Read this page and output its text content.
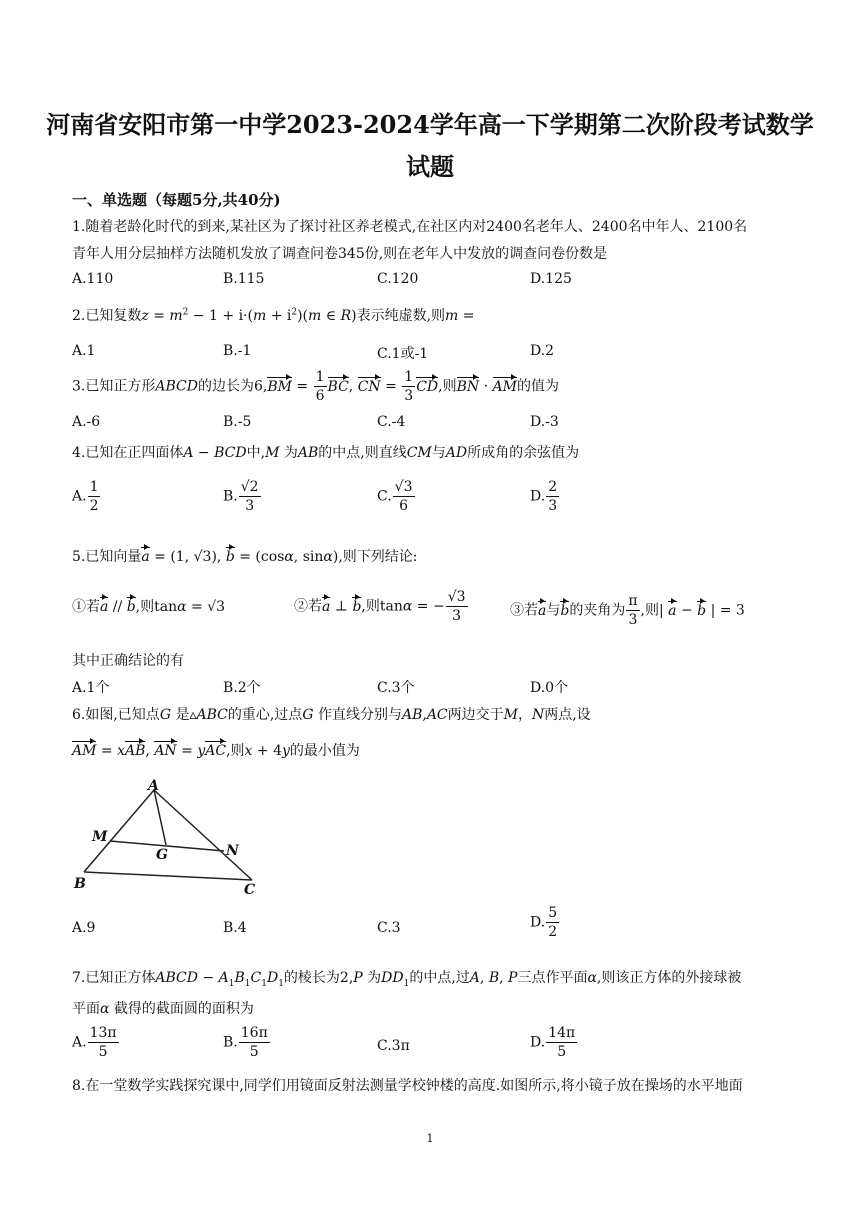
河南省安阳市第一中学2023-2024学年高一下学期第二次阶段考试数学
试题
一、单选题（每题5分,共40分)
1.随着老龄化时代的到来,某社区为了探讨社区养老模式,在社区内对2400名老年人、2400名中年人、2100名
青年人用分层抽样方法随机发放了调查问卷345份,则在老年人中发放的调查问卷份数是
A.110	B.115	C.120	D.125
2.已知复数$z = m^2 - 1 + i\cdot(m + i^2)(m$ ∈ R)表示纯虚数,则m =
A.1	B.-1	C.1或-1	D.2
3.已知正方形ABCD的边长为$6,BM = \frac{1}{6}$ BC, CN = $\frac{1}{3}$ CD,则BN · AM的值为
A.-6	B.-5	C.-4	D.-3
4.已知在正四面体A − BCD中,M 为AB的中点,则直线CM与AD所成角的余弦值为
A. $\frac{1}{2}$	B. $\frac{√2}{3}$	C. $\frac{√3}{6}$	D. $\frac{2}{3}$
5.已知向量a = (1, √3), b = (cosα, sinα),则下列结论:
①若a // b,则tanα = √3	②若a ⊥ b,则tanα = − $\frac{√3}{3}$	③若a与b的夹角为 $\frac{\pi}{3}$ ,则| a − b | = 3
其中正确结论的有
A.1个	B.2个	C.3个	D.0个
6.如图,已知点G 是▵ABC的重心,过点G 作直线分别与AB,AC两边交于M，N两点,设
AM = xAB, AN = yAC,则x + 4y的最小值为
A
M
G	N
B	C
A.9	B.4	C.3	D. $\frac{5}{2}$
7.已知正方体ABCD − $A_1B_1C_1D_1$的棱长为2,P 为$DD_1$的中点,过A, B, P三点作平面α,则该正方体的外接球被
平面α 截得的截面圆的面积为
A. $\frac{13\pi}{5}$	B. $\frac{16\pi}{5}$	C.3π	D. $\frac{14\pi}{5}$
8.在一堂数学实践探究课中,同学们用镜面反射法测量学校钟楼的高度.如图所示,将小镜子放在操场的水平地面
1
